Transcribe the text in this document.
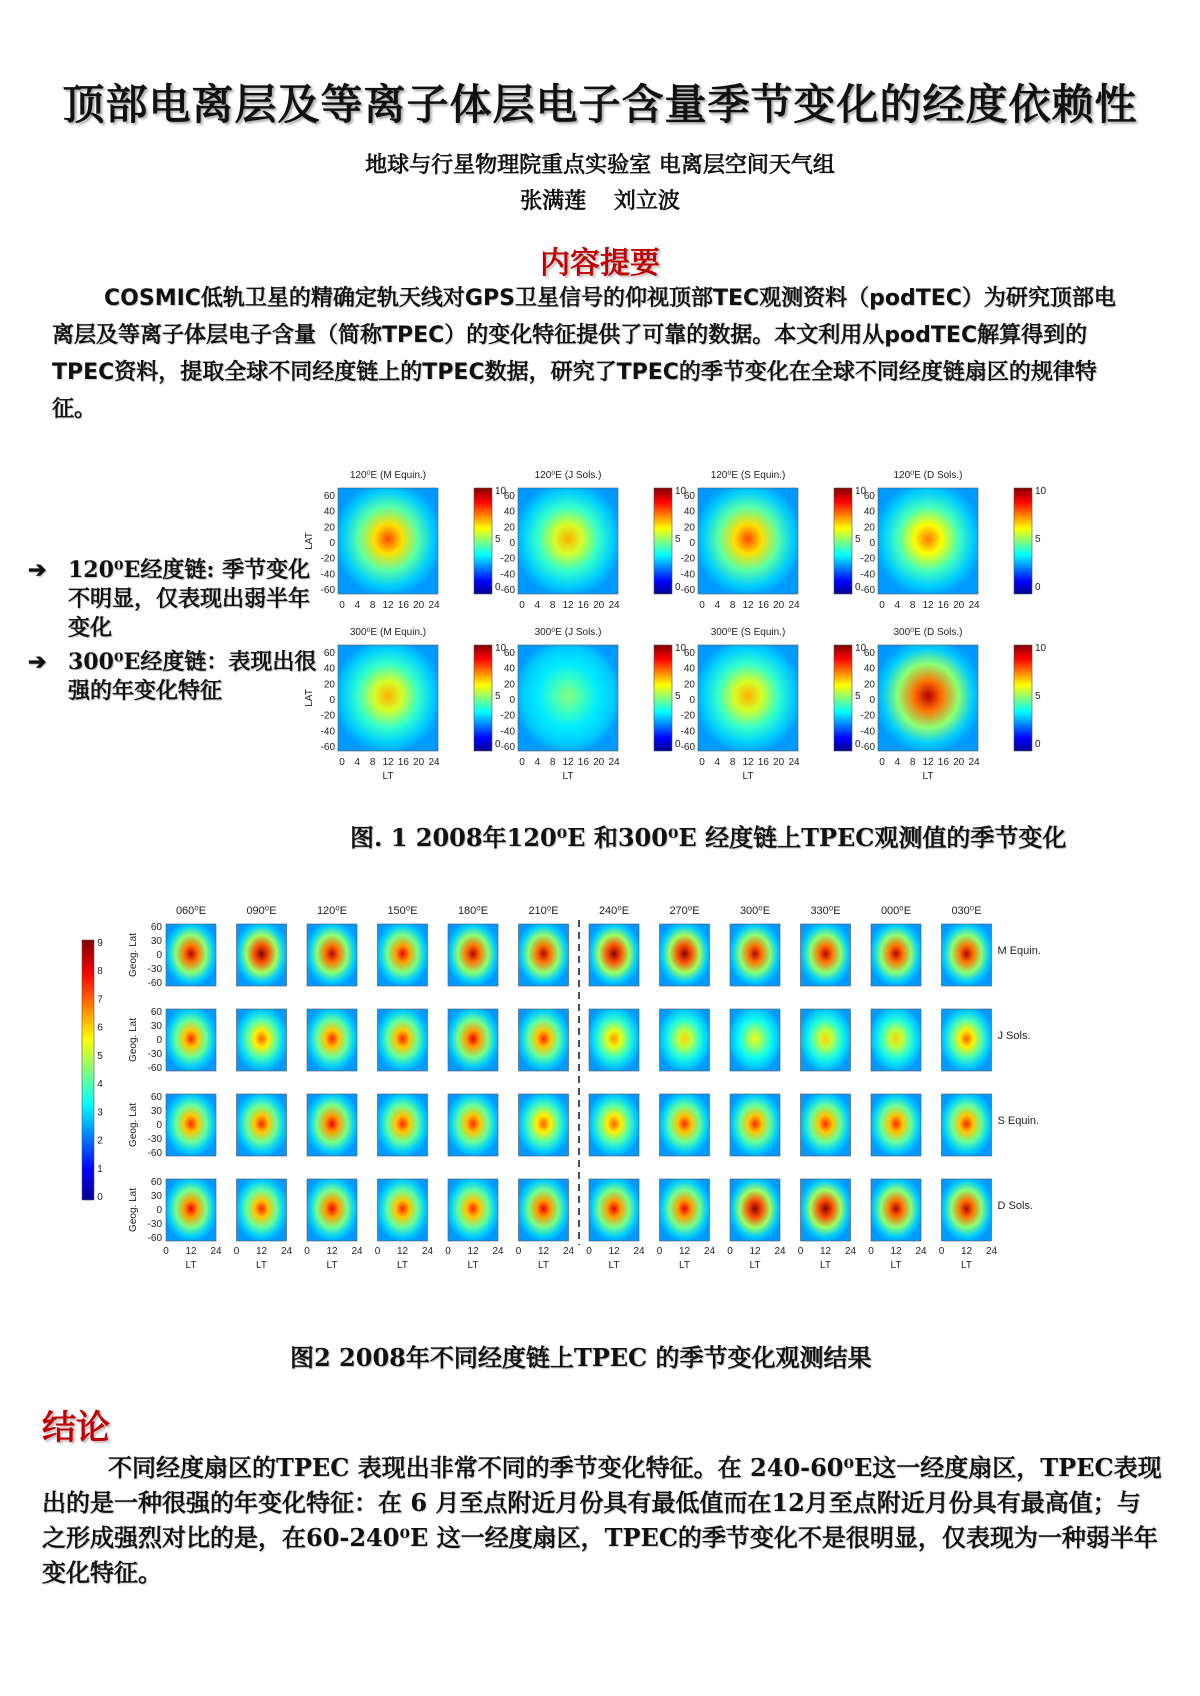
顶部电离层及等离子体层电子含量季节变化的经度依赖性
地球与行星物理院重点实验室 电离层空间天气组
张满莲 刘立波
内容提要
COSMIC低轨卫星的精确定轨天线对GPS卫星信号的仰视顶部TEC观测资料（podTEC）为研究顶部电离层及等离子体层电子含量（简称TPEC）的变化特征提供了可靠的数据。本文利用从podTEC解算得到的TPEC资料，提取全球不同经度链上的TPEC数据，研究了TPEC的季节变化在全球不同经度链扇区的规律特征。
➔ 120⁰E经度链: 季节变化不明显，仅表现出弱半年变化
➔ 300⁰E经度链：表现出很强的年变化特征
120⁰E (M Equin.)
60
40
20
0
-20
-40
-60
0 4 8 12 16 20 24
LAT
10
5
0
120⁰E (J Sols.)
60
40
20
0
-20
-40
-60
0 4 8 12 16 20 24
10
5
0
120⁰E (S Equin.)
60
40
20
0
-20
-40
-60
0 4 8 12 16 20 24
10
5
0
120⁰E (D Sols.)
60
40
20
0
-20
-40
-60
0 4 8 12 16 20 24
10
5
0
300⁰E (M Equin.)
60
40
20
0
-20
-40
-60
0 4 8 12 16 20 24
LAT
LT
10
5
0
300⁰E (J Sols.)
60
40
20
0
-20
-40
-60
0 4 8 12 16 20 24
LT
10
5
0
300⁰E (S Equin.)
60
40
20
0
-20
-40
-60
0 4 8 12 16 20 24
LT
10
5
0
300⁰E (D Sols.)
60
40
20
0
-20
-40
-60
0 4 8 12 16 20 24
LT
10
5
0
图. 1 2008年120⁰E 和300⁰E 经度链上TPEC观测值的季节变化
9
8
7
6
5
4
3
2
1
0
060⁰E	090⁰E	120⁰E	150⁰E	180⁰E	210⁰E	240⁰E	270⁰E	300⁰E	330⁰E	000⁰E	030⁰E
M Equin.
60
30
0
-30
-60
Geog. Lat
J Sols.
60
30
0
-30
-60
Geog. Lat
S Equin.
60
30
0
-30
-60
Geog. Lat
D Sols.
60
30
0
-30
-60
Geog. Lat
0 12 24
LT
0 12 24
LT
0 12 24
LT
0 12 24
LT
0 12 24
LT
0 12 24
LT
0 12 24
LT
0 12 24
LT
0 12 24
LT
0 12 24
LT
0 12 24
LT
0 12 24
LT
图2 2008年不同经度链上TPEC 的季节变化观测结果
结论
不同经度扇区的TPEC 表现出非常不同的季节变化特征。在 240-60⁰E这一经度扇区，TPEC表现出的是一种很强的年变化特征：在 6 月至点附近月份具有最低值而在12月至点附近月份具有最高值；与之形成强烈对比的是，在60-240⁰E 这一经度扇区，TPEC的季节变化不是很明显，仅表现为一种弱半年变化特征。
